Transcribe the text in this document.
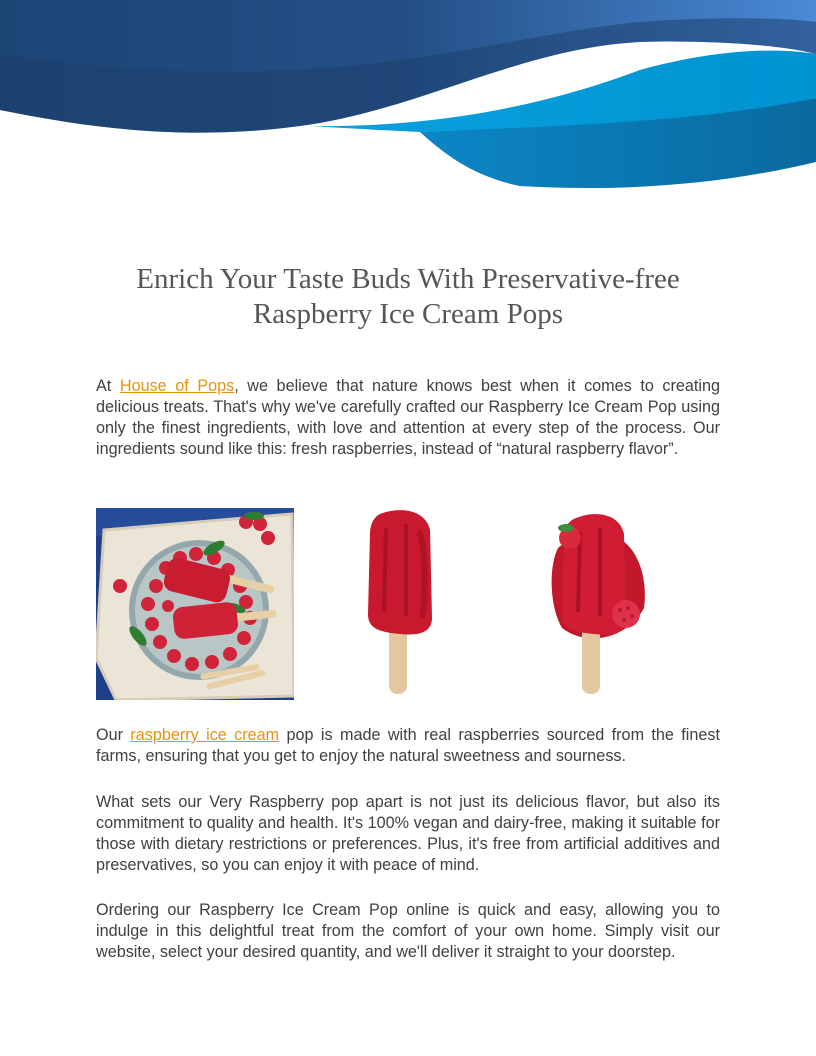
Enrich Your Taste Buds With Preservative-free
Raspberry Ice Cream Pops

At House of Pops, we believe that nature knows best when it comes to creating delicious treats. That's why we've carefully crafted our Raspberry Ice Cream Pop using only the finest ingredients, with love and attention at every step of the process. Our ingredients sound like this: fresh raspberries, instead of “natural raspberry flavor”.

Our raspberry ice cream pop is made with real raspberries sourced from the finest farms, ensuring that you get to enjoy the natural sweetness and sourness.

What sets our Very Raspberry pop apart is not just its delicious flavor, but also its commitment to quality and health. It's 100% vegan and dairy-free, making it suitable for those with dietary restrictions or preferences. Plus, it's free from artificial additives and preservatives, so you can enjoy it with peace of mind.

Ordering our Raspberry Ice Cream Pop online is quick and easy, allowing you to indulge in this delightful treat from the comfort of your own home. Simply visit our website, select your desired quantity, and we'll deliver it straight to your doorstep.
